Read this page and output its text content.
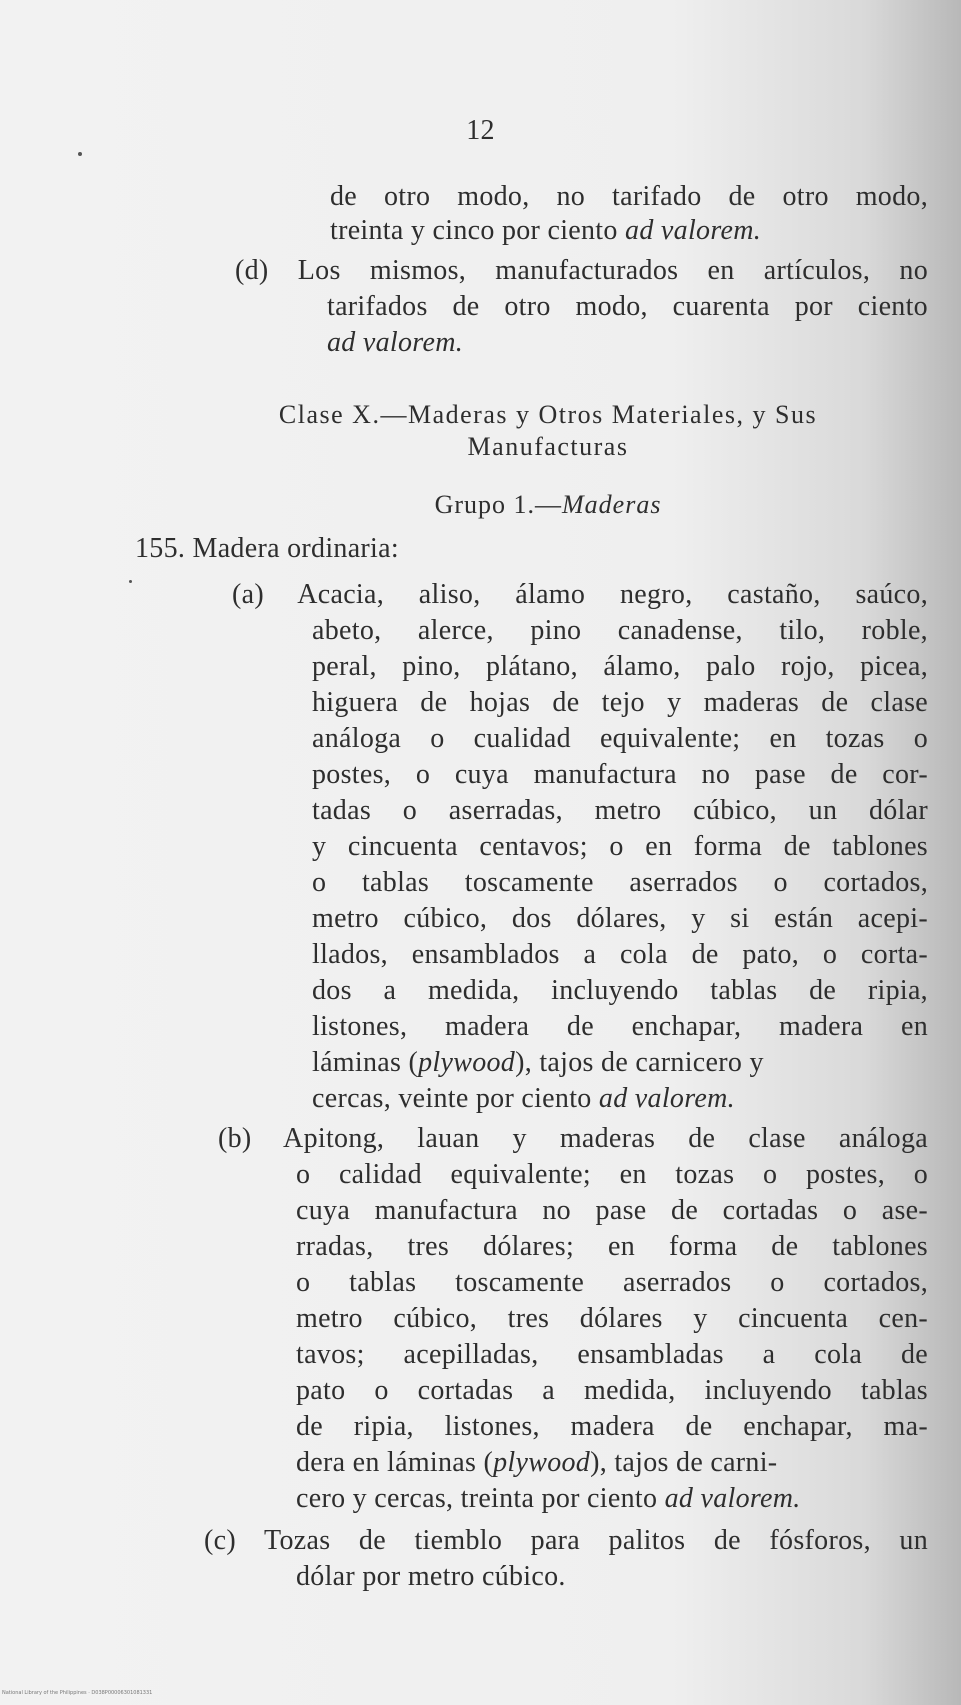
12
de otro modo, no tarifado de otro modo,
treinta y cinco por ciento ad valorem.
(d) Los mismos, manufacturados en artículos, no
tarifados de otro modo, cuarenta por ciento
ad valorem.
Clase X.—Maderas y Otros Materiales, y Sus
Manufacturas
Grupo 1.—Maderas
155. Madera ordinaria:
(a) Acacia, aliso, álamo negro, castaño, saúco,
abeto, alerce, pino canadense, tilo, roble,
peral, pino, plátano, álamo, palo rojo, picea,
higuera de hojas de tejo y maderas de clase
análoga o cualidad equivalente; en tozas o
postes, o cuya manufactura no pase de cor-
tadas o aserradas, metro cúbico, un dólar
y cincuenta centavos; o en forma de tablones
o tablas toscamente aserrados o cortados,
metro cúbico, dos dólares, y si están acepi-
llados, ensamblados a cola de pato, o corta-
dos a medida, incluyendo tablas de ripia,
listones, madera de enchapar, madera en
láminas (plywood), tajos de carnicero y
cercas, veinte por ciento ad valorem.
(b) Apitong, lauan y maderas de clase análoga
o calidad equivalente; en tozas o postes, o
cuya manufactura no pase de cortadas o ase-
rradas, tres dólares; en forma de tablones
o tablas toscamente aserrados o cortados,
metro cúbico, tres dólares y cincuenta cen-
tavos; acepilladas, ensambladas a cola de
pato o cortadas a medida, incluyendo tablas
de ripia, listones, madera de enchapar, ma-
dera en láminas (plywood), tajos de carni-
cero y cercas, treinta por ciento ad valorem.
(c) Tozas de tiemblo para palitos de fósforos, un
dólar por metro cúbico.
National Library of the Philippines · D038P00006301081331
